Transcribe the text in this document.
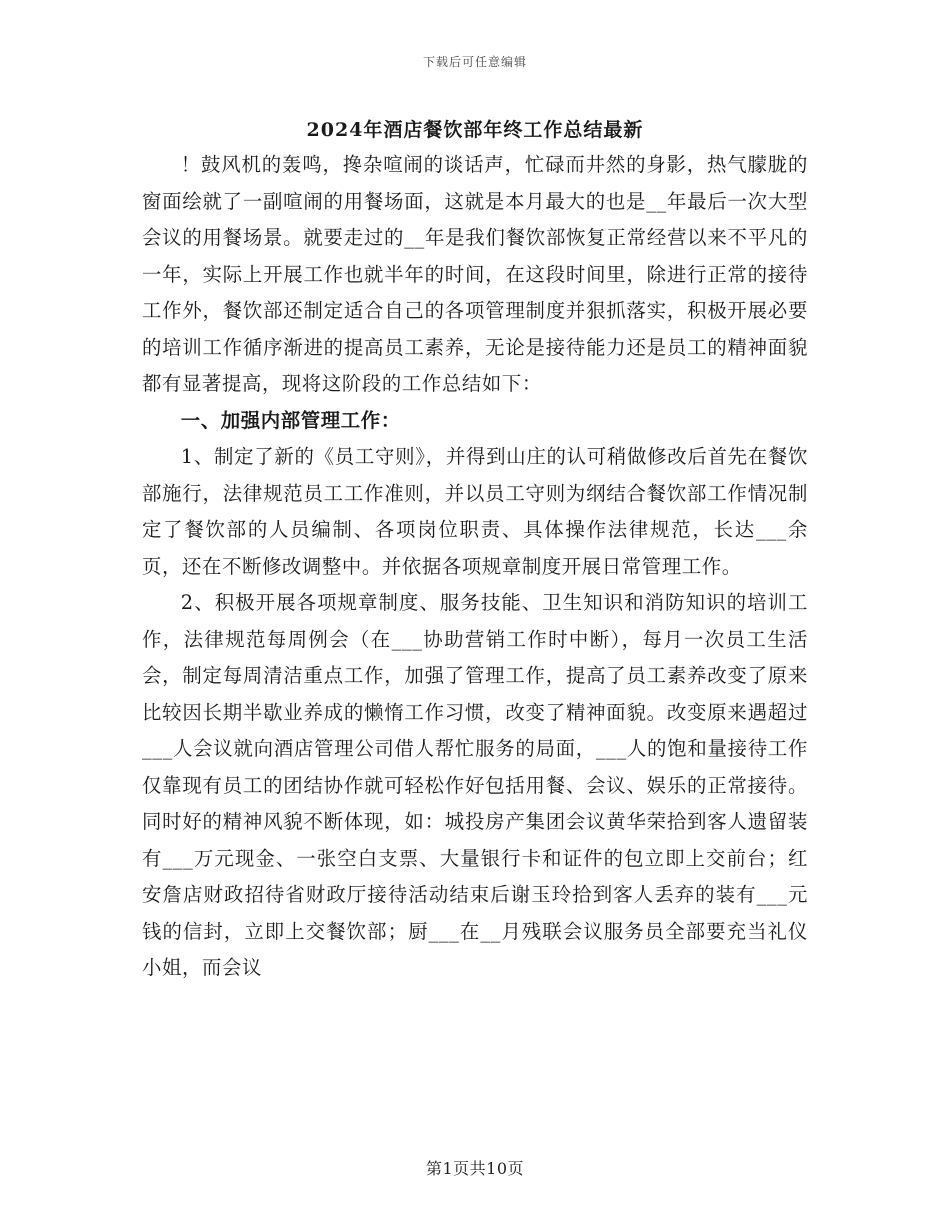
下载后可任意编辑
2024年酒店餐饮部年终工作总结最新

！鼓风机的轰鸣，搀杂喧闹的谈话声，忙碌而井然的身影，热气朦胧的窗面绘就了一副喧闹的用餐场面，这就是本月最大的也是__年最后一次大型会议的用餐场景。就要走过的__年是我们餐饮部恢复正常经营以来不平凡的一年，实际上开展工作也就半年的时间，在这段时间里，除进行正常的接待工作外，餐饮部还制定适合自己的各项管理制度并狠抓落实，积极开展必要的培训工作循序渐进的提高员工素养，无论是接待能力还是员工的精神面貌都有显著提高，现将这阶段的工作总结如下：

一、加强内部管理工作：

1、制定了新的《员工守则》，并得到山庄的认可稍做修改后首先在餐饮部施行，法律规范员工工作准则，并以员工守则为纲结合餐饮部工作情况制定了餐饮部的人员编制、各项岗位职责、具体操作法律规范，长达___余页，还在不断修改调整中。并依据各项规章制度开展日常管理工作。

2、积极开展各项规章制度、服务技能、卫生知识和消防知识的培训工作，法律规范每周例会（在___协助营销工作时中断），每月一次员工生活会，制定每周清洁重点工作，加强了管理工作，提高了员工素养改变了原来比较因长期半歇业养成的懒惰工作习惯，改变了精神面貌。改变原来遇超过___人会议就向酒店管理公司借人帮忙服务的局面，___人的饱和量接待工作仅靠现有员工的团结协作就可轻松作好包括用餐、会议、娱乐的正常接待。同时好的精神风貌不断体现，如：城投房产集团会议黄华荣拾到客人遗留装有___万元现金、一张空白支票、大量银行卡和证件的包立即上交前台；红安詹店财政招待省财政厅接待活动结束后谢玉玲拾到客人丢弃的装有___元钱的信封，立即上交餐饮部；厨___在__月残联会议服务员全部要充当礼仪小姐，而会议

第1页共10页
